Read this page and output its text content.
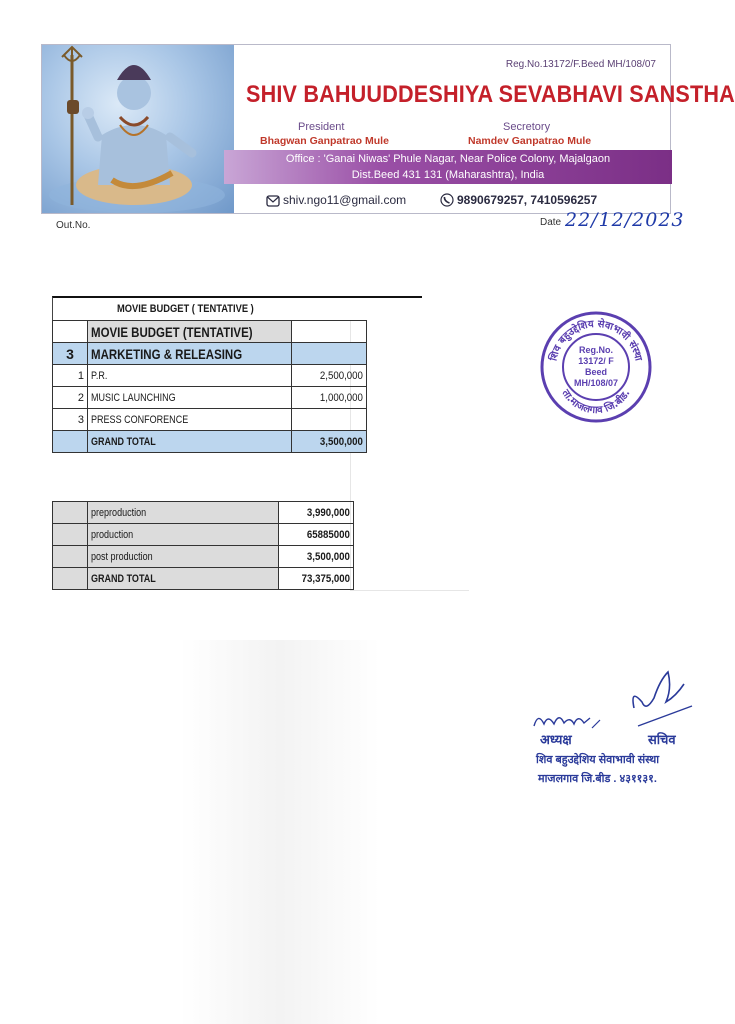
Reg.No.13172/F.Beed MH/108/07
SHIV BAHUUDDESHIYA SEVABHAVI SANSTHA
President
Bhagwan Ganpatrao Mule
Secretory
Namdev Ganpatrao Mule
Office : 'Ganai Niwas' Phule Nagar, Near Police Colony, Majalgaon
Dist.Beed 431 131 (Maharashtra), India
shiv.ngo11@gmail.com	9890679257, 7410596257
Out.No.	Date 22/12/2023
MOVIE BUDGET ( TENTATIVE )
	MOVIE BUDGET (TENTATIVE)	
3	MARKETING & RELEASING	
1	P.R.	2,500,000
2	MUSIC LAUNCHING	1,000,000
3	PRESS CONFORENCE	
	GRAND TOTAL	3,500,000
	preproduction	3,990,000
	production	65885000
	post production	3,500,000
	GRAND TOTAL	73,375,000
शिव बहुउद्देशिय सेवाभावी संस्था
ता.माजलगाव जि.बीड.
Reg.No.
13172/ F
Beed
MH/108/07
अध्यक्ष	सचिव
शिव बहुउद्देशिय सेवाभावी संस्था
माजलगाव जि.बीड . ४३११३१.
